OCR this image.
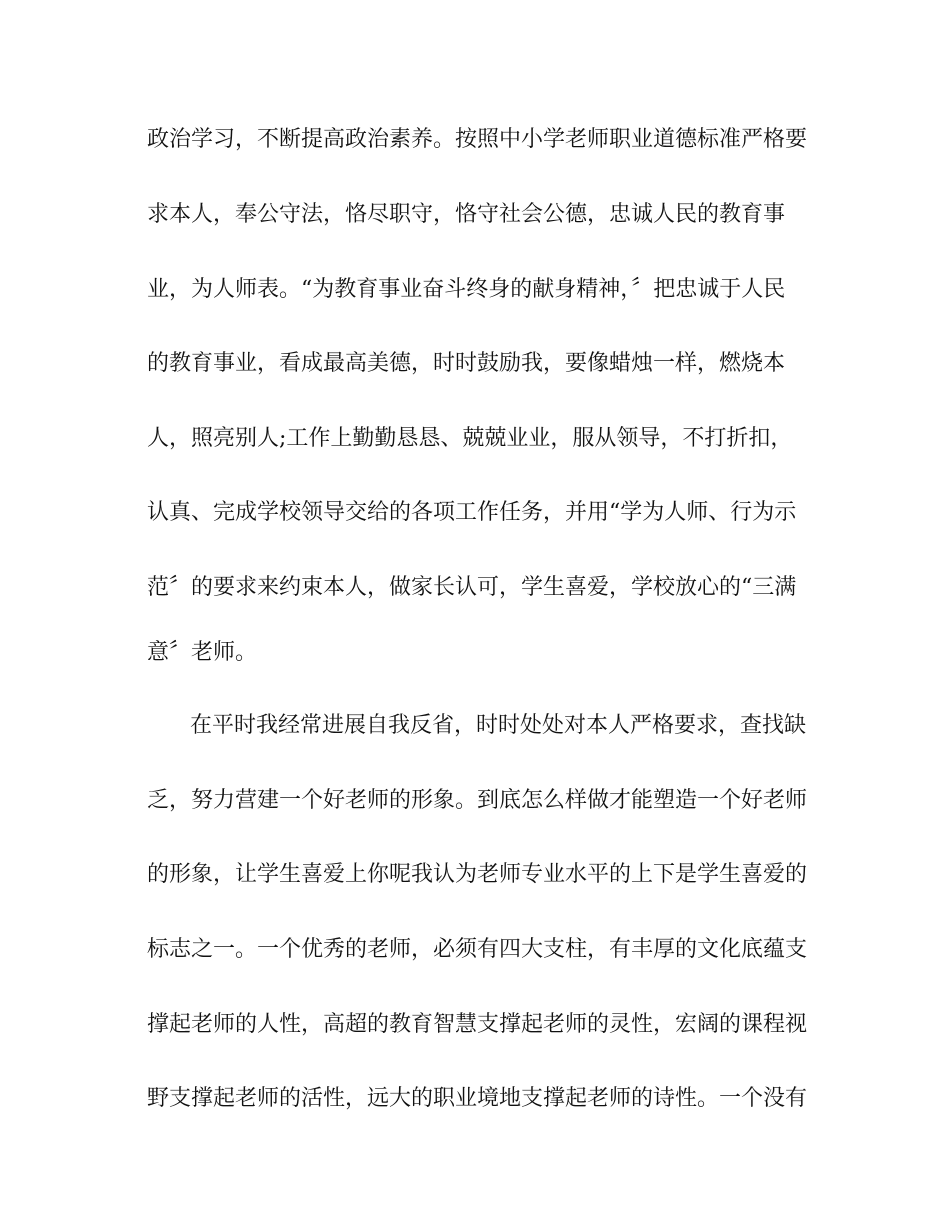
政治学习，不断提高政治素养。按照中小学老师职业道德标准严格要
求本人，奉公守法，恪尽职守，恪守社会公德，忠诚人民的教育事
业，为人师表。“为教育事业奋斗终身的献身精神，〞把忠诚于人民
的教育事业，看成最高美德，时时鼓励我，要像蜡烛一样，燃烧本
人，照亮别人;工作上勤勤恳恳、兢兢业业，服从领导，不打折扣，
认真、完成学校领导交给的各项工作任务，并用“学为人师、行为示
范〞的要求来约束本人，做家长认可，学生喜爱，学校放心的“三满
意〞老师。
在平时我经常进展自我反省，时时处处对本人严格要求，查找缺
乏，努力营建一个好老师的形象。到底怎么样做才能塑造一个好老师
的形象，让学生喜爱上你呢我认为老师专业水平的上下是学生喜爱的
标志之一。一个优秀的老师，必须有四大支柱，有丰厚的文化底蕴支
撑起老师的人性，高超的教育智慧支撑起老师的灵性，宏阔的课程视
野支撑起老师的活性，远大的职业境地支撑起老师的诗性。一个没有
